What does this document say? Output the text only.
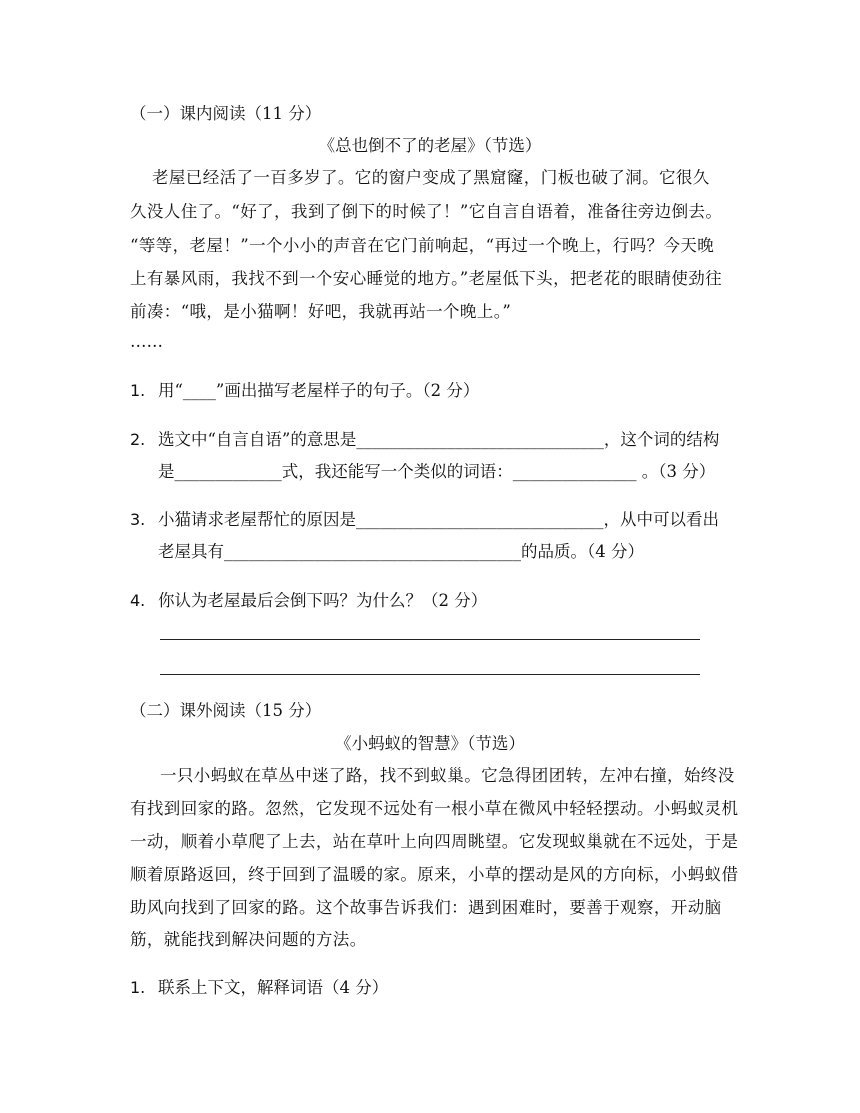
（一）课内阅读（11 分）
《总也倒不了的老屋》（节选）
老屋已经活了一百多岁了。它的窗户变成了黑窟窿，门板也破了洞。它很久
久没人住了。“好了，我到了倒下的时候了！”它自言自语着，准备往旁边倒去。
“等等，老屋！”一个小小的声音在它门前响起，“再过一个晚上，行吗？今天晚
上有暴风雨，我找不到一个安心睡觉的地方。”老屋低下头，把老花的眼睛使劲往
前凑：“哦，是小猫啊！好吧，我就再站一个晚上。”
……
1. 用“____”画出描写老屋样子的句子。（2 分）
2. 选文中“自言自语”的意思是______________________________，这个词的结构
是_____________式，我还能写一个类似的词语：_______________ 。（3 分）
3. 小猫请求老屋帮忙的原因是______________________________，从中可以看出
老屋具有____________________________________的品质。（4 分）
4. 你认为老屋最后会倒下吗？为什么？（2 分）
（二）课外阅读（15 分）
《小蚂蚁的智慧》（节选）
一只小蚂蚁在草丛中迷了路，找不到蚁巢。它急得团团转，左冲右撞，始终没
有找到回家的路。忽然，它发现不远处有一根小草在微风中轻轻摆动。小蚂蚁灵机
一动，顺着小草爬了上去，站在草叶上向四周眺望。它发现蚁巢就在不远处，于是
顺着原路返回，终于回到了温暖的家。原来，小草的摆动是风的方向标，小蚂蚁借
助风向找到了回家的路。这个故事告诉我们：遇到困难时，要善于观察，开动脑
筋，就能找到解决问题的方法。
1. 联系上下文，解释词语（4 分）
